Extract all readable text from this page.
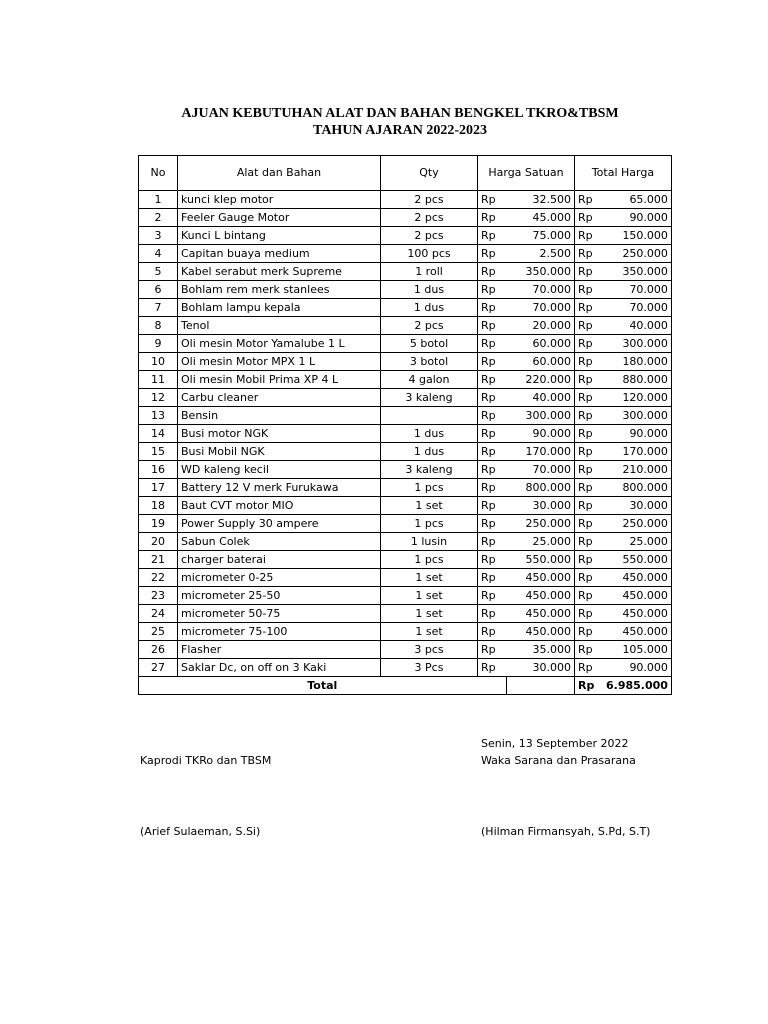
AJUAN KEBUTUHAN ALAT DAN BAHAN BENGKEL TKRO&TBSM
TAHUN AJARAN 2022-2023
No	Alat dan Bahan	Qty	Harga Satuan		Total Harga	
1	kunci klep motor	2 pcs	Rp	32.500	Rp	65.000
2	Feeler Gauge Motor	2 pcs	Rp	45.000	Rp	90.000
3	Kunci L bintang	2 pcs	Rp	75.000	Rp	150.000
4	Capitan buaya medium	100 pcs	Rp	2.500	Rp	250.000
5	Kabel serabut merk Supreme	1 roll	Rp	350.000	Rp	350.000
6	Bohlam rem merk stanlees	1 dus	Rp	70.000	Rp	70.000
7	Bohlam lampu kepala	1 dus	Rp	70.000	Rp	70.000
8	Tenol	2 pcs	Rp	20.000	Rp	40.000
9	Oli mesin Motor Yamalube 1 L	5 botol	Rp	60.000	Rp	300.000
10	Oli mesin Motor MPX 1 L	3 botol	Rp	60.000	Rp	180.000
11	Oli mesin Mobil Prima XP 4 L	4 galon	Rp	220.000	Rp	880.000
12	Carbu cleaner	3 kaleng	Rp	40.000	Rp	120.000
13	Bensin		Rp	300.000	Rp	300.000
14	Busi motor NGK	1 dus	Rp	90.000	Rp	90.000
15	Busi Mobil NGK	1 dus	Rp	170.000	Rp	170.000
16	WD kaleng kecil	3 kaleng	Rp	70.000	Rp	210.000
17	Battery 12 V merk Furukawa	1 pcs	Rp	800.000	Rp	800.000
18	Baut CVT motor MIO	1 set	Rp	30.000	Rp	30.000
19	Power Supply 30 ampere	1 pcs	Rp	250.000	Rp	250.000
20	Sabun Colek	1 lusin	Rp	25.000	Rp	25.000
21	charger baterai	1 pcs	Rp	550.000	Rp	550.000
22	micrometer 0-25	1 set	Rp	450.000	Rp	450.000
23	micrometer 25-50	1 set	Rp	450.000	Rp	450.000
24	micrometer 50-75	1 set	Rp	450.000	Rp	450.000
25	micrometer 75-100	1 set	Rp	450.000	Rp	450.000
26	Flasher	3 pcs	Rp	35.000	Rp	105.000
27	Saklar Dc, on off on 3 Kaki	3 Pcs	Rp	30.000	Rp	90.000
Total					Rp	6.985.000
Senin, 13 September 2022
Kaprodi TKRo dan TBSM	Waka Sarana dan Prasarana
(Arief Sulaeman, S.Si)	(Hilman Firmansyah, S.Pd, S.T)
